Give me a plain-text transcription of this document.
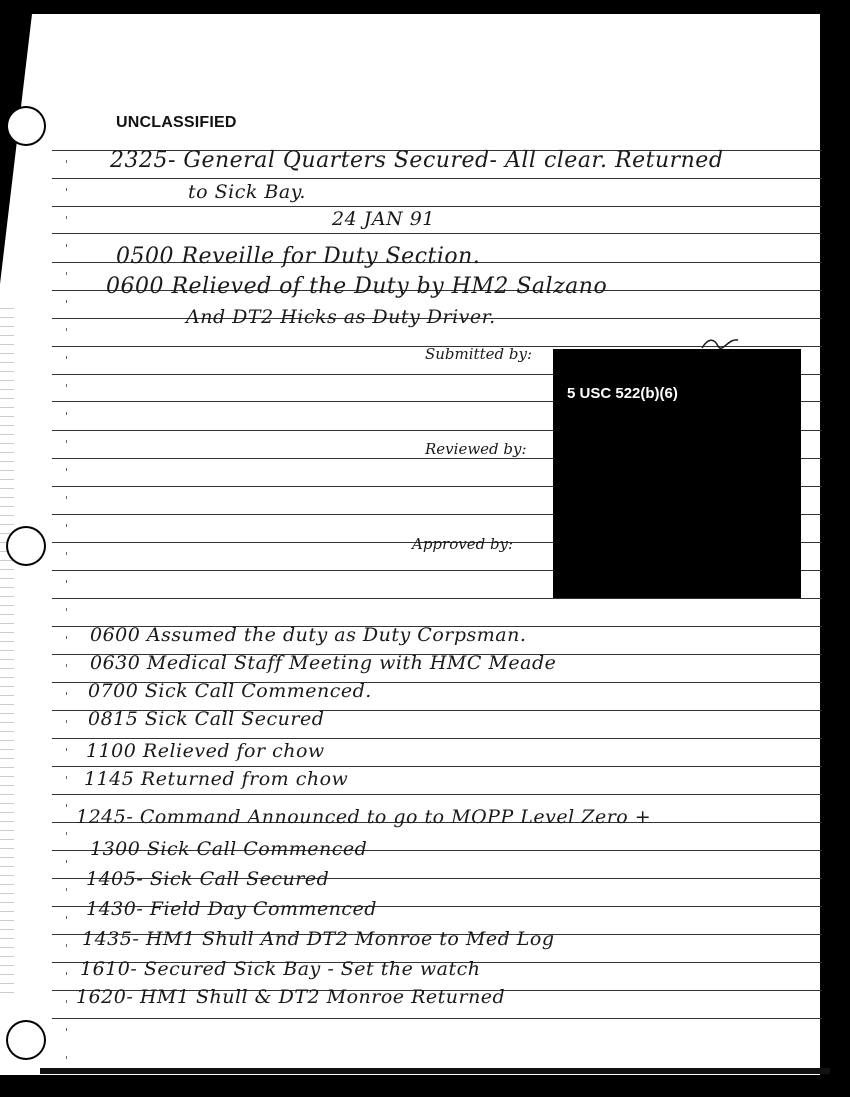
UNCLASSIFIED
2325- General Quarters Secured- All clear. Returned
to Sick Bay.
24 JAN 91
0500 Reveille for Duty Section.
0600 Relieved of the Duty by HM2 Salzano
And DT2 Hicks as Duty Driver.
Submitted by:
Reviewed by:
Approved by:
5 USC 522(b)(6)
0600 Assumed the duty as Duty Corpsman.
0630 Medical Staff Meeting with HMC Meade
0700 Sick Call Commenced.
0815 Sick Call Secured
1100 Relieved for chow
1145 Returned from chow
1245- Command Announced to go to MOPP Level Zero +
1300 Sick Call Commenced
1405- Sick Call Secured
1430- Field Day Commenced
1435- HM1 Shull And DT2 Monroe to Med Log
1610- Secured Sick Bay - Set the watch
1620- HM1 Shull & DT2 Monroe Returned
